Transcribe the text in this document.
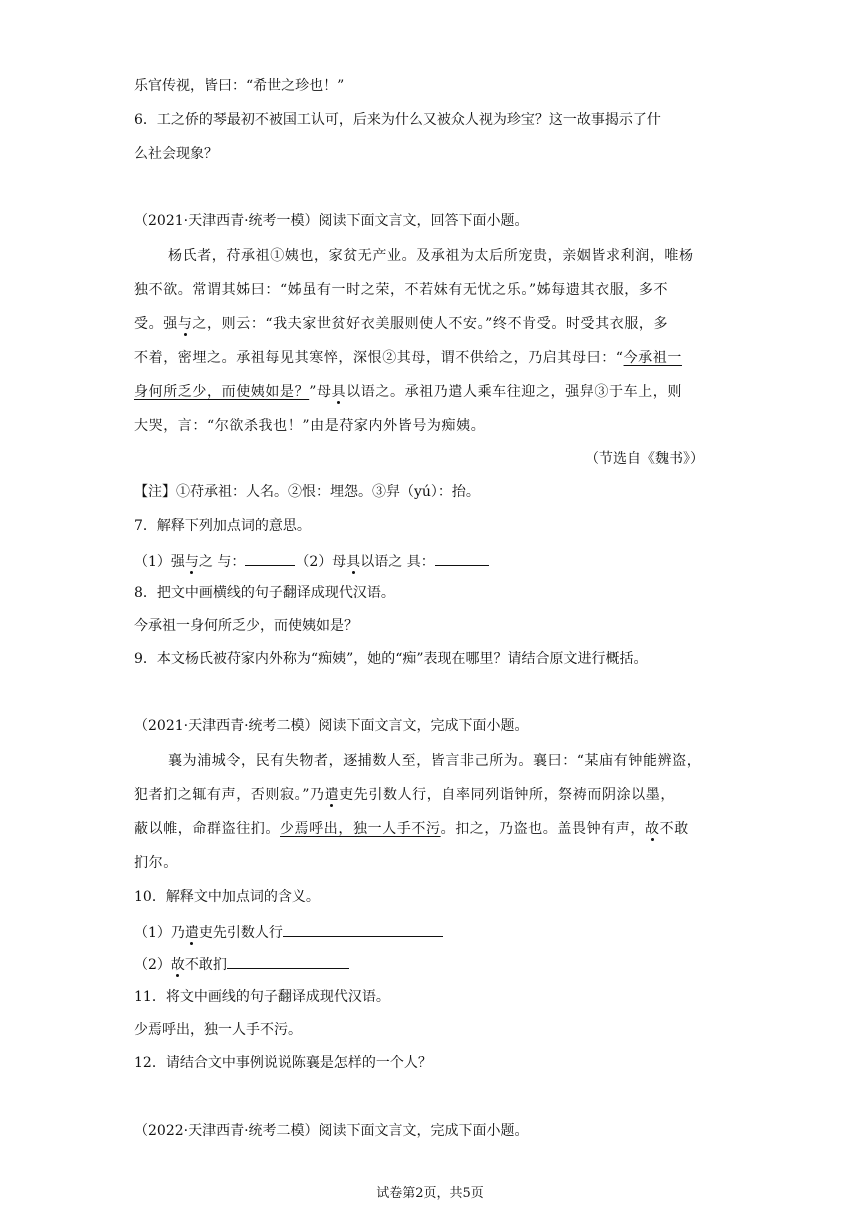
乐官传视，皆曰：“希世之珍也！”
6．工之侨的琴最初不被国工认可，后来为什么又被众人视为珍宝？这一故事揭示了什
么社会现象？
（2021·天津西青·统考一模）阅读下面文言文，回答下面小题。
杨氏者，苻承祖①姨也，家贫无产业。及承祖为太后所宠贵，亲姻皆求利润，唯杨
独不欲。常谓其姊曰：“姊虽有一时之荣，不若妹有无忧之乐。”姊每遗其衣服，多不
受。强与之，则云：“我夫家世贫好衣美服则使人不安。”终不肯受。时受其衣服，多
不着，密埋之。承祖每见其寒悴，深恨②其母，谓不供给之，乃启其母曰：“今承祖一
身何所乏少，而使姨如是？”母具以语之。承祖乃遣人乘车往迎之，强舁③于车上，则
大哭，言：“尔欲杀我也！”由是苻家内外皆号为痴姨。
（节选自《魏书》）
【注】①苻承祖：人名。②恨：埋怨。③舁（yú）：抬。
7．解释下列加点词的意思。
（1）强与之 与：	（2）母具以语之 具：
8．把文中画横线的句子翻译成现代汉语。
今承祖一身何所乏少，而使姨如是？
9．本文杨氏被苻家内外称为“痴姨”，她的“痴”表现在哪里？请结合原文进行概括。
（2021·天津西青·统考二模）阅读下面文言文，完成下面小题。
襄为浦城令，民有失物者，逐捕数人至，皆言非己所为。襄曰：“某庙有钟能辨盗，
犯者扪之辄有声，否则寂。”乃遣吏先引数人行，自率同列诣钟所，祭祷而阴涂以墨，
蔽以帷，命群盗往扪。少焉呼出，独一人手不污。扣之，乃盗也。盖畏钟有声，故不敢
扪尔。
10．解释文中加点词的含义。
（1）乃遣吏先引数人行
（2）故不敢扪
11．将文中画线的句子翻译成现代汉语。
少焉呼出，独一人手不污。
12．请结合文中事例说说陈襄是怎样的一个人？
（2022·天津西青·统考二模）阅读下面文言文，完成下面小题。
试卷第2页，共5页
